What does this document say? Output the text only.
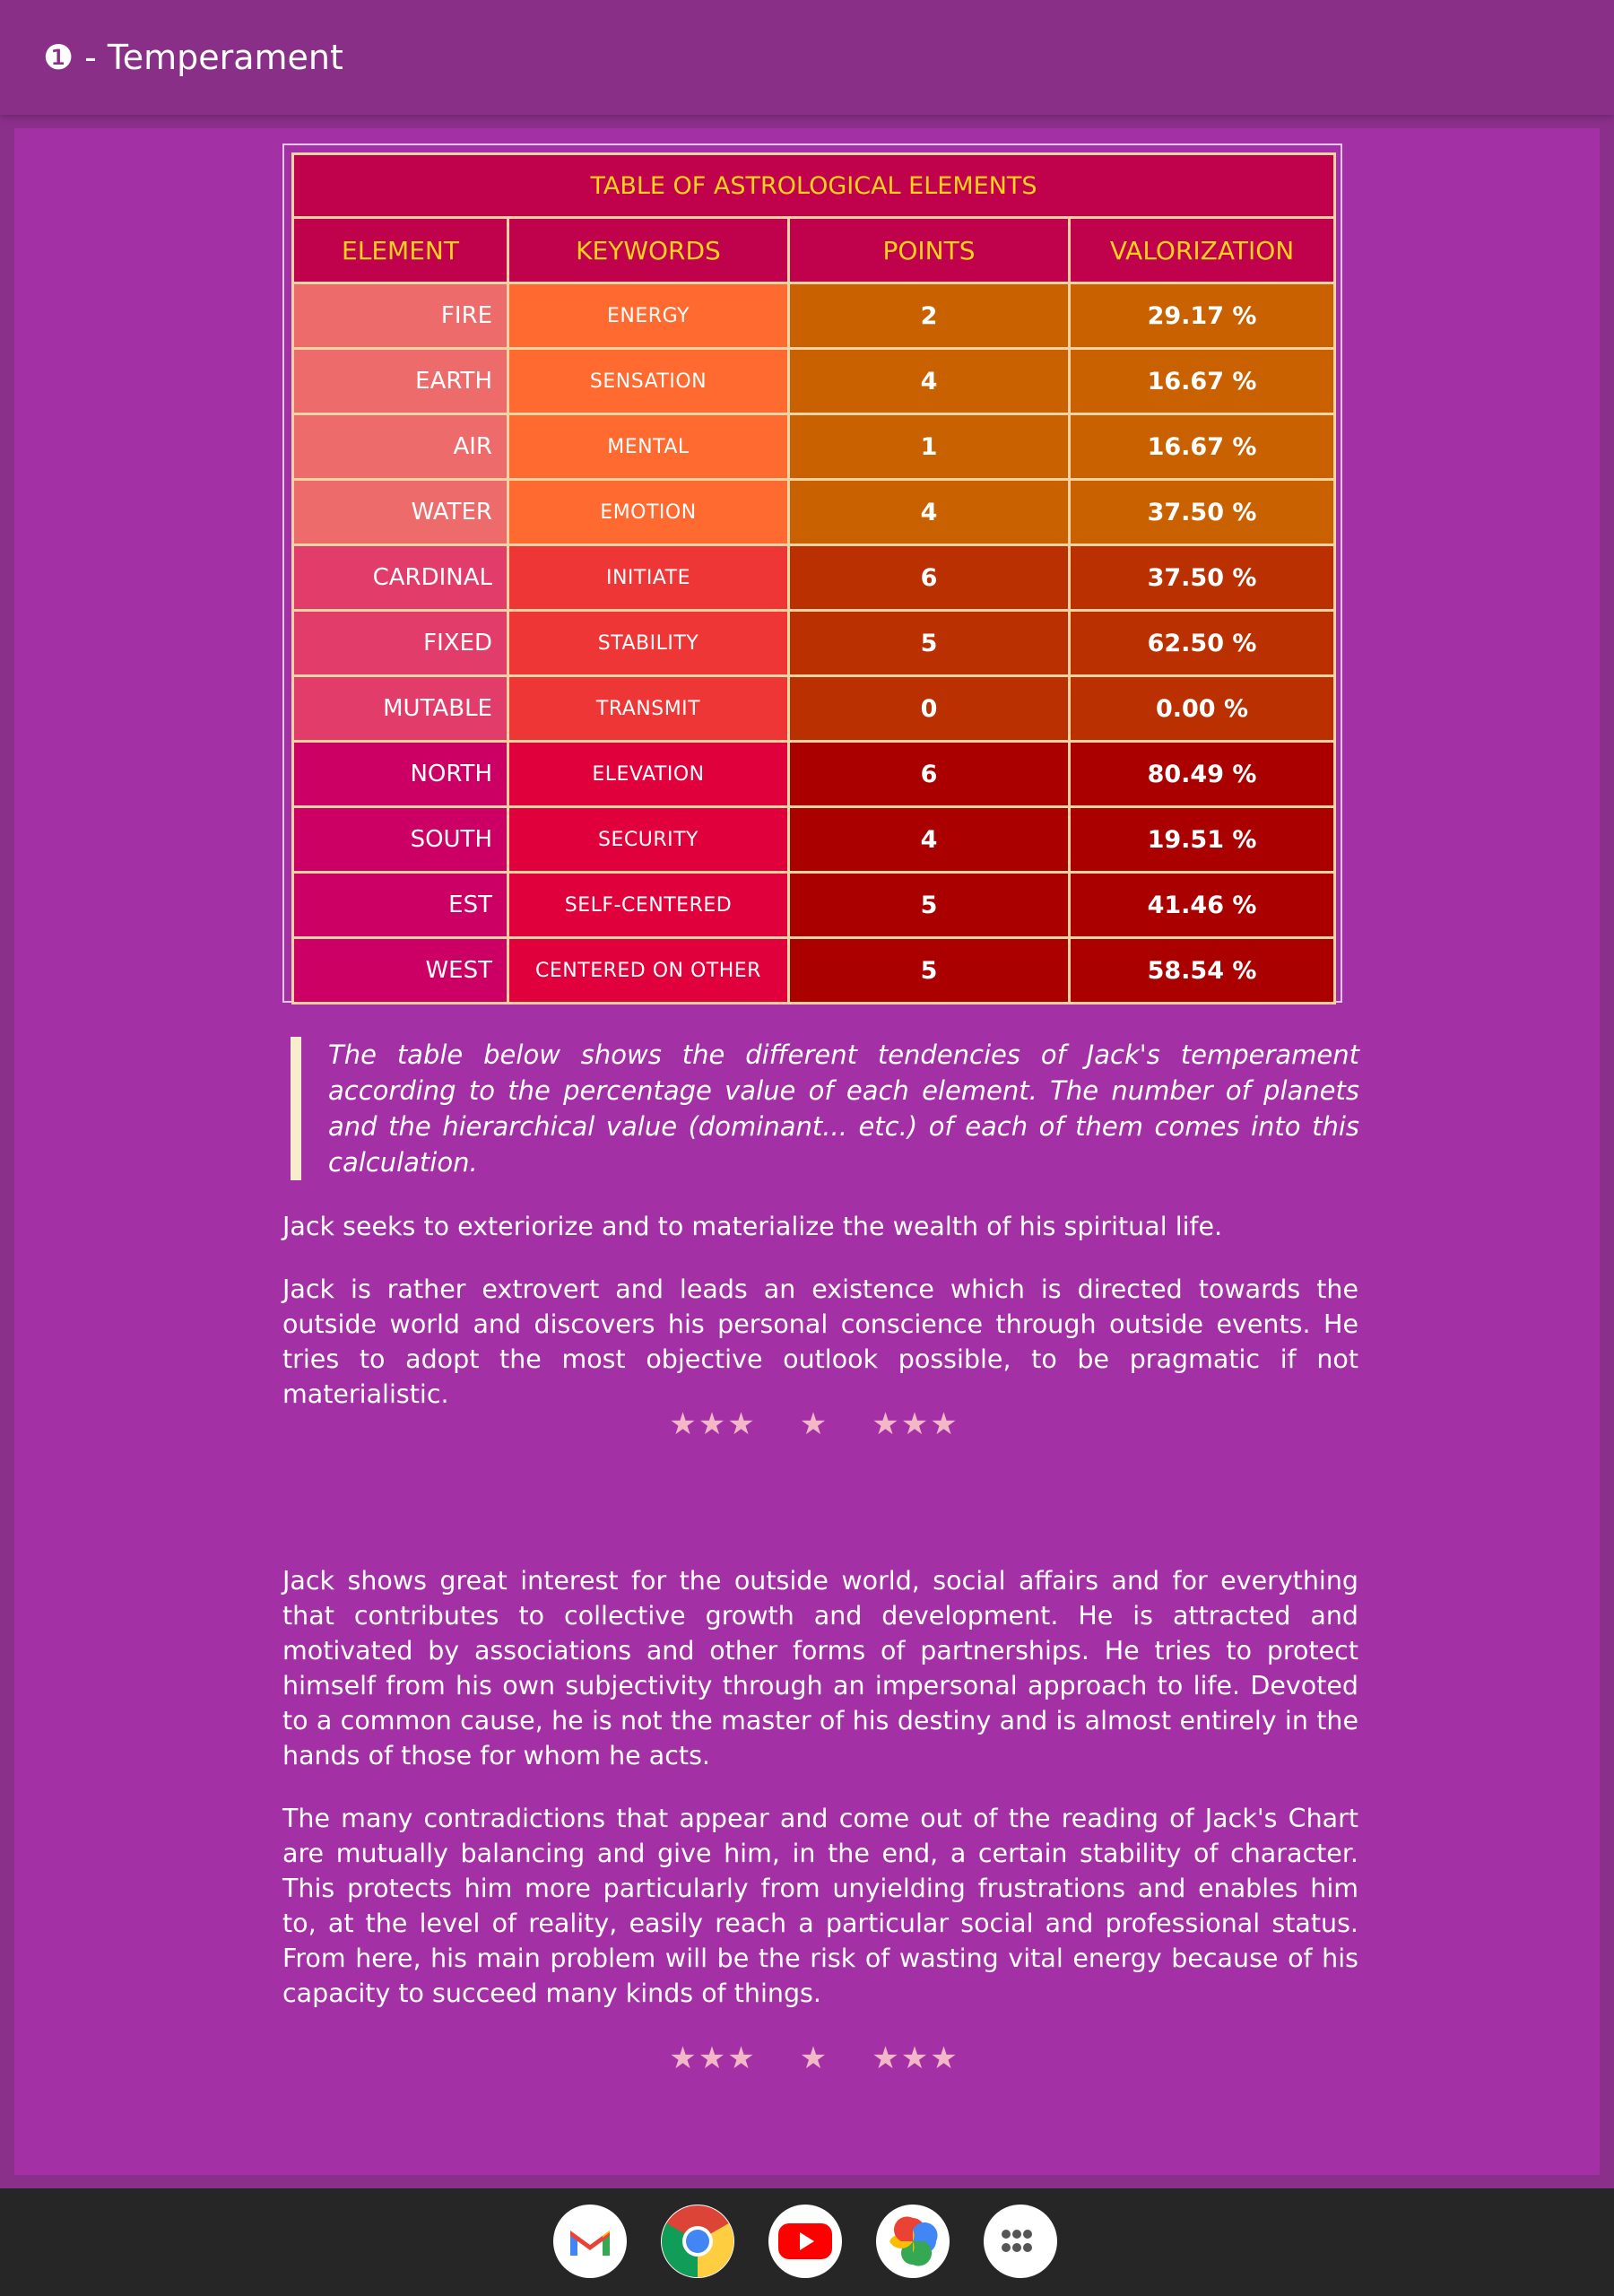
❶ - Temperament
TABLE OF ASTROLOGICAL ELEMENTS			
ELEMENT	KEYWORDS	POINTS	VALORIZATION
FIRE	ENERGY	2	29.17 %
EARTH	SENSATION	4	16.67 %
AIR	MENTAL	1	16.67 %
WATER	EMOTION	4	37.50 %
CARDINAL	INITIATE	6	37.50 %
FIXED	STABILITY	5	62.50 %
MUTABLE	TRANSMIT	0	0.00 %
NORTH	ELEVATION	6	80.49 %
SOUTH	SECURITY	4	19.51 %
EST	SELF-CENTERED	5	41.46 %
WEST	CENTERED ON OTHER	5	58.54 %

The table below shows the different tendencies of Jack's temperament according to the percentage value of each element. The number of planets and the hierarchical value (dominant... etc.) of each of them comes into this calculation.

Jack seeks to exteriorize and to materialize the wealth of his spiritual life.

Jack is rather extrovert and leads an existence which is directed towards the outside world and discovers his personal conscience through outside events. He tries to adopt the most objective outlook possible, to be pragmatic if not materialistic.

★★★ ★ ★★★

Jack shows great interest for the outside world, social affairs and for everything that contributes to collective growth and development. He is attracted and motivated by associations and other forms of partnerships. He tries to protect himself from his own subjectivity through an impersonal approach to life. Devoted to a common cause, he is not the master of his destiny and is almost entirely in the hands of those for whom he acts.

The many contradictions that appear and come out of the reading of Jack's Chart are mutually balancing and give him, in the end, a certain stability of character. This protects him more particularly from unyielding frustrations and enables him to, at the level of reality, easily reach a particular social and professional status. From here, his main problem will be the risk of wasting vital energy because of his capacity to succeed many kinds of things.

★★★ ★ ★★★
